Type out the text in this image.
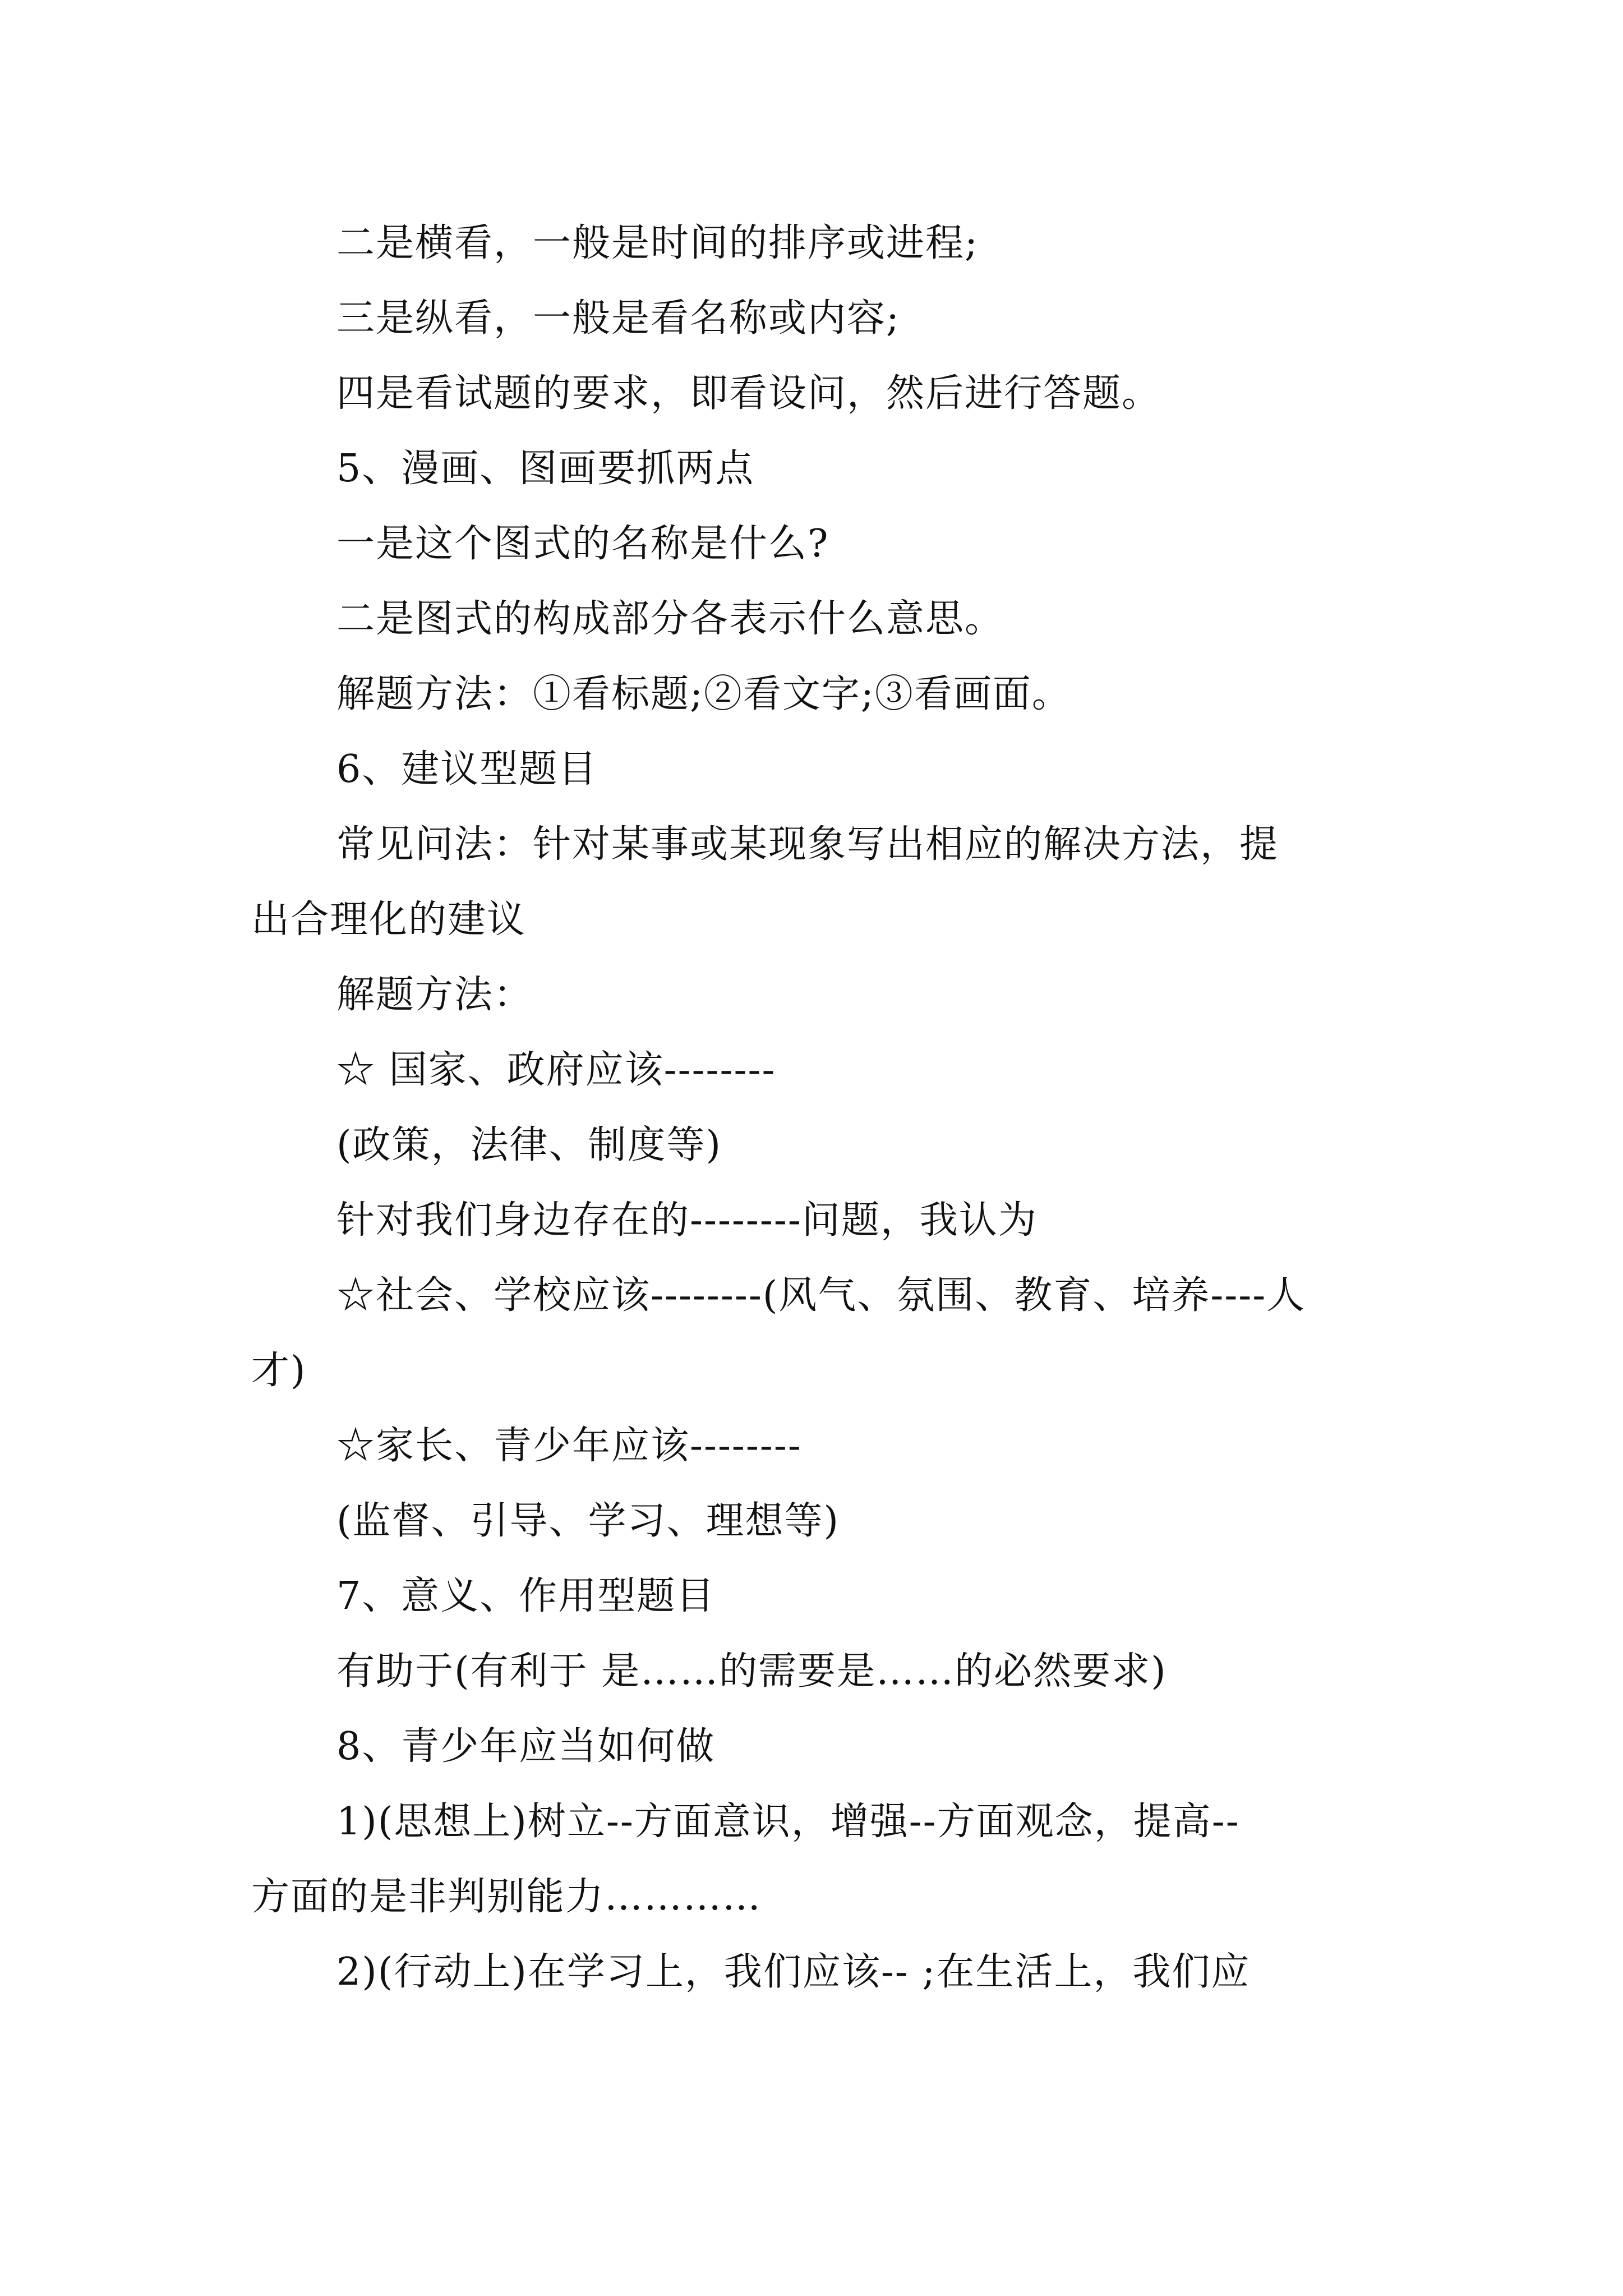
二是横看，一般是时间的排序或进程;
三是纵看，一般是看名称或内容;
四是看试题的要求，即看设问，然后进行答题。
5、漫画、图画要抓两点
一是这个图式的名称是什么?
二是图式的构成部分各表示什么意思。
解题方法：①看标题;②看文字;③看画面。
6、建议型题目
常见问法：针对某事或某现象写出相应的解决方法，提
出合理化的建议
解题方法：
☆ 国家、政府应该--------
(政策，法律、制度等)
针对我们身边存在的--------问题，我认为
☆社会、学校应该--------(风气、氛围、教育、培养----人
才)
☆家长、青少年应该--------
(监督、引导、学习、理想等)
7、意义、作用型题目
有助于(有利于 是……的需要是……的必然要求)
8、青少年应当如何做
1)(思想上)树立--方面意识，增强--方面观念，提高--
方面的是非判别能力…………
2)(行动上)在学习上，我们应该-- ;在生活上，我们应
